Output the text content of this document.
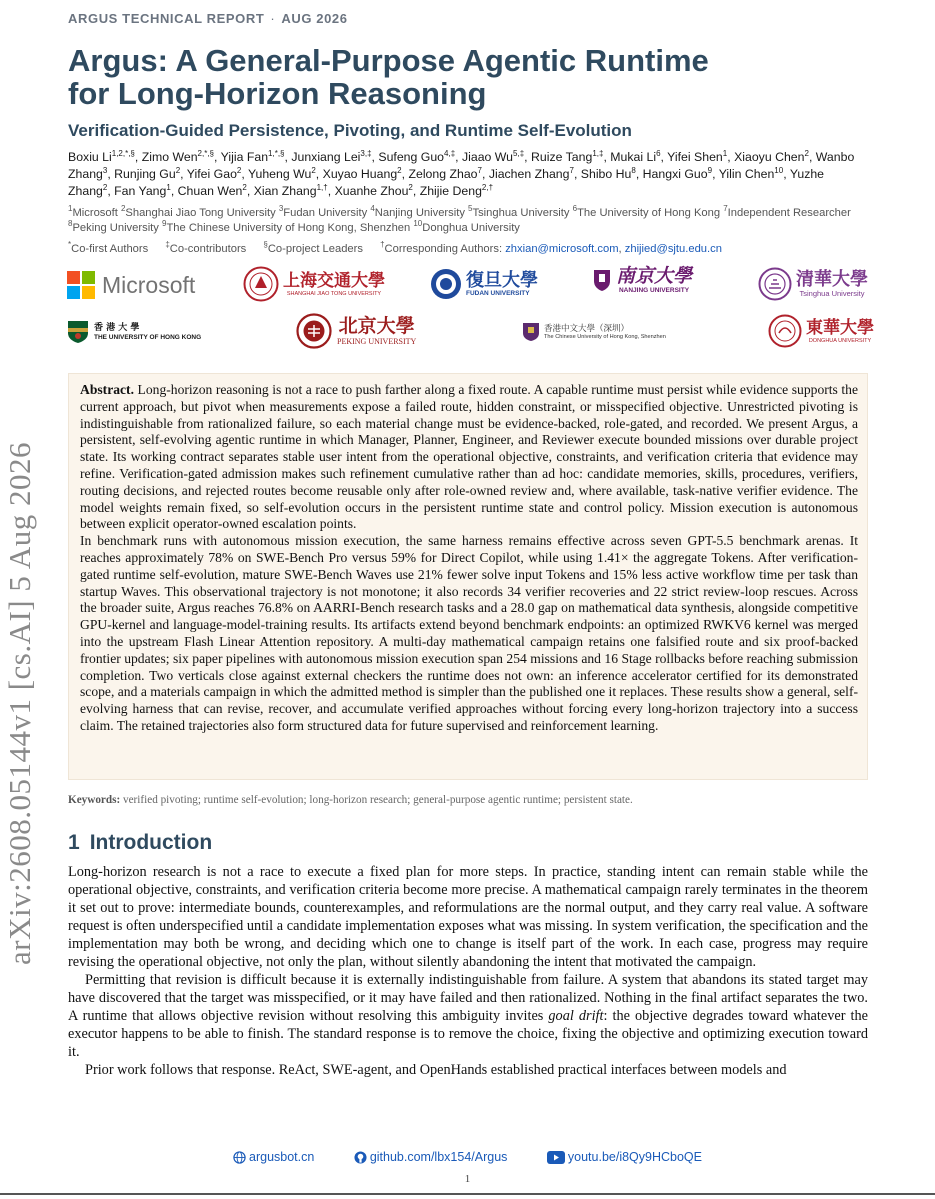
arXiv:2608.05144v1 [cs.AI] 5 Aug 2026
ARGUS TECHNICAL REPORT · AUG 2026
Argus: A General-Purpose Agentic Runtime
for Long-Horizon Reasoning
Verification-Guided Persistence, Pivoting, and Runtime Self-Evolution
Boxiu $Li^{1,2,*,\S}$, Zimo Wen$^{2,*,\S}$, Yijia Fan$^{1,*,\S}$, Junxiang Lei$^{3,\ddagger}$, Sufeng Guo$^{4,\ddagger}$, Jiaao $Wu^{5,\ddagger}$, Ruize Tang$^{1,\ddagger}$, Mukai Li$^6$, Yifei Shen$^1$, Xiaoyu Chen$^2$, Wanbo Zhang$^3$, Runjing Gu$^2$, Yifei Gao$^2$, Yuheng Wu$^2$, Xuyao Huang$^2$, Zelong Zhao$^7$, Jiachen Zhang$^7$, Shibo Hu$^8$, Hangxi Guo$^9$, Yilin Chen$^{10}$, Yuzhe Zhang$^2$, Fan Yang$^1$, Chuan Wen$^2$, Xian Zhang$^{1,\dagger}$, Xuanhe Zhou$^2$, Zhijie Deng$^{2,\dagger}$
$^1$Microsoft $^2$Shanghai Jiao Tong University $^3$Fudan University $^4$Nanjing University $^5$Tsinghua University $^6$The University of Hong Kong $^7$Independent Researcher $^8$Peking University $^9$The Chinese University of Hong Kong, Shenzhen $^{10}$Donghua University
*Co-first Authors ‡Co-contributors §Co-project Leaders †Corresponding Authors: zhxian@microsoft.com, zhijied@sjtu.edu.cn
Microsoft	上海交通大學
SHANGHAI JIAO TONG UNIVERSITY
復旦大學
FUDAN UNIVERSITY
南京大學
NANJING UNIVERSITY
清華大學
Tsinghua University
香 港 大 學
THE UNIVERSITY OF HONG KONG
北京大學
PEKING UNIVERSITY
香港中文大學（深圳）
The Chinese University of Hong Kong, Shenzhen	東華大學
DONGHUA UNIVERSITY

Abstract. Long-horizon reasoning is not a race to push farther along a fixed route. A capable runtime must persist while evidence supports the current approach, but pivot when measurements expose a failed route, hidden constraint, or misspecified objective. Unrestricted pivoting is indistinguishable from rationalized failure, so each material change must be evidence-backed, role-gated, and recorded. We present Argus, a persistent, self-evolving agentic runtime in which Manager, Planner, Engineer, and Reviewer execute bounded missions over durable project state. Its working contract separates stable user intent from the operational objective, constraints, and verification criteria that evidence may refine. Verification-gated admission makes such refinement cumulative rather than ad hoc: candidate memories, skills, procedures, verifiers, routing decisions, and rejected routes become reusable only after role-owned review and, where available, task-native verifier evidence. The model weights remain fixed, so self-evolution occurs in the persistent runtime state and control policy. Mission execution is autonomous between explicit operator-owned escalation points.

In benchmark runs with autonomous mission execution, the same harness remains effective across seven GPT-5.5 benchmark arenas. It reaches approximately 78% on SWE-Bench Pro versus 59% for Direct Copilot, while using 1.41× the aggregate Tokens. After verification-gated runtime self-evolution, mature SWE-Bench Waves use 21% fewer solve input Tokens and 15% less active workflow time per task than startup Waves. This observational trajectory is not monotone; it also records 34 verifier recoveries and 22 strict review-loop rescues. Across the broader suite, Argus reaches 76.8% on AARRI-Bench research tasks and a 28.0 gap on mathematical data synthesis, alongside competitive GPU-kernel and language-model-training results. Its artifacts extend beyond benchmark endpoints: an optimized RWKV6 kernel was merged into the upstream Flash Linear Attention repository. A multi-day mathematical campaign retains one falsified route and six proof-backed frontier updates; six paper pipelines with autonomous mission execution span 254 missions and 16 Stage rollbacks before reaching submission completion. Two verticals close against external checkers the runtime does not own: an inference accelerator certified for its demonstrated scope, and a materials campaign in which the admitted method is simpler than the published one it replaces. These results show a general, self-evolving harness that can revise, recover, and accumulate verified approaches without forcing every long-horizon trajectory into a success claim. The retained trajectories also form structured data for future supervised and reinforcement learning.

Keywords: verified pivoting; runtime self-evolution; long-horizon research; general-purpose agentic runtime; persistent state.
1 Introduction

Long-horizon research is not a race to execute a fixed plan for more steps. In practice, standing intent can remain stable while the operational objective, constraints, and verification criteria become more precise. A mathematical campaign rarely terminates in the theorem it set out to prove: intermediate bounds, counterexamples, and reformulations are the normal output, and they carry real value. A software request is often underspecified until a candidate implementation exposes what was missing. In system verification, the specification and the implementation may both be wrong, and deciding which one to change is itself part of the work. In each case, progress may require revising the operational objective, not only the plan, without silently abandoning the intent that motivated the campaign.

Permitting that revision is difficult because it is externally indistinguishable from failure. A system that abandons its stated target may have discovered that the target was misspecified, or it may have failed and then rationalized. Nothing in the final artifact separates the two. A runtime that allows objective revision without resolving this ambiguity invites goal drift: the objective degrades toward whatever the executor happens to be able to finish. The standard response is to remove the choice, fixing the objective and optimizing execution toward it.

Prior work follows that response. ReAct, SWE-agent, and OpenHands established practical interfaces between models and

argusbot.cn
	github.com/lbx154/Argus
	youtu.be/i8Qy9HCboQE
1
